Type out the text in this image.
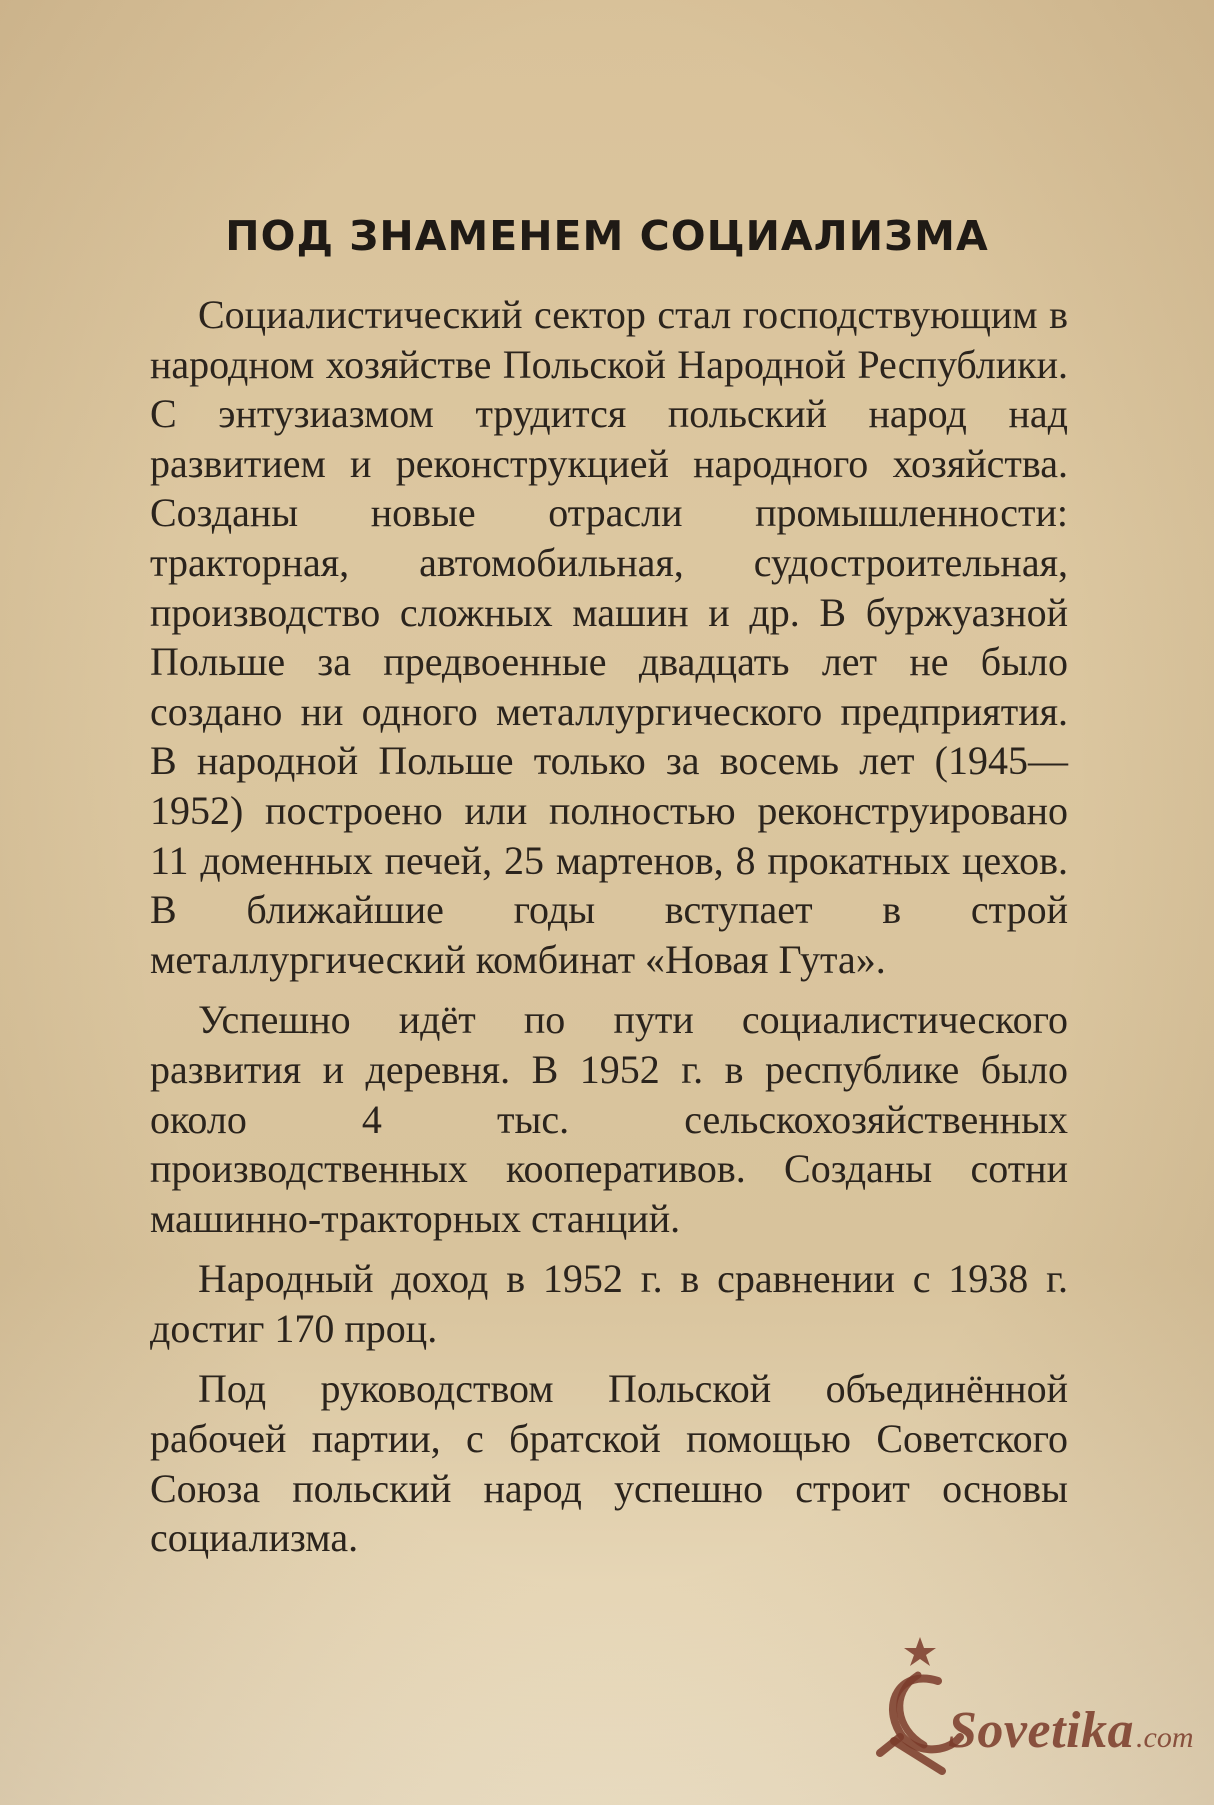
ПОД ЗНАМЕНЕМ СОЦИАЛИЗМА

Социалистический сектор стал господствующим в народном хозяйстве Польской Народной Республики. С энтузиазмом трудится польский народ над развитием и реконструкцией народного хозяйства. Созданы новые отрасли промышленности: тракторная, автомобильная, судостроительная, производство сложных машин и др. В буржуазной Польше за предвоенные двадцать лет не было создано ни одного металлургического предприятия. В народной Польше только за восемь лет (1945—1952) построено или полностью реконструировано 11 доменных печей, 25 мартенов, 8 прокатных цехов. В ближайшие годы вступает в строй металлургический комбинат «Новая Гута».

Успешно идёт по пути социалистического развития и деревня. В 1952 г. в республике было около 4 тыс. сельскохозяйственных производственных кооперативов. Созданы сотни машинно-тракторных станций.

Народный доход в 1952 г. в сравнении с 1938 г. достиг 170 проц.

Под руководством Польской объединённой рабочей партии, с братской помощью Советского Союза польский народ успешно строит основы социализма.

Sovetika .com
